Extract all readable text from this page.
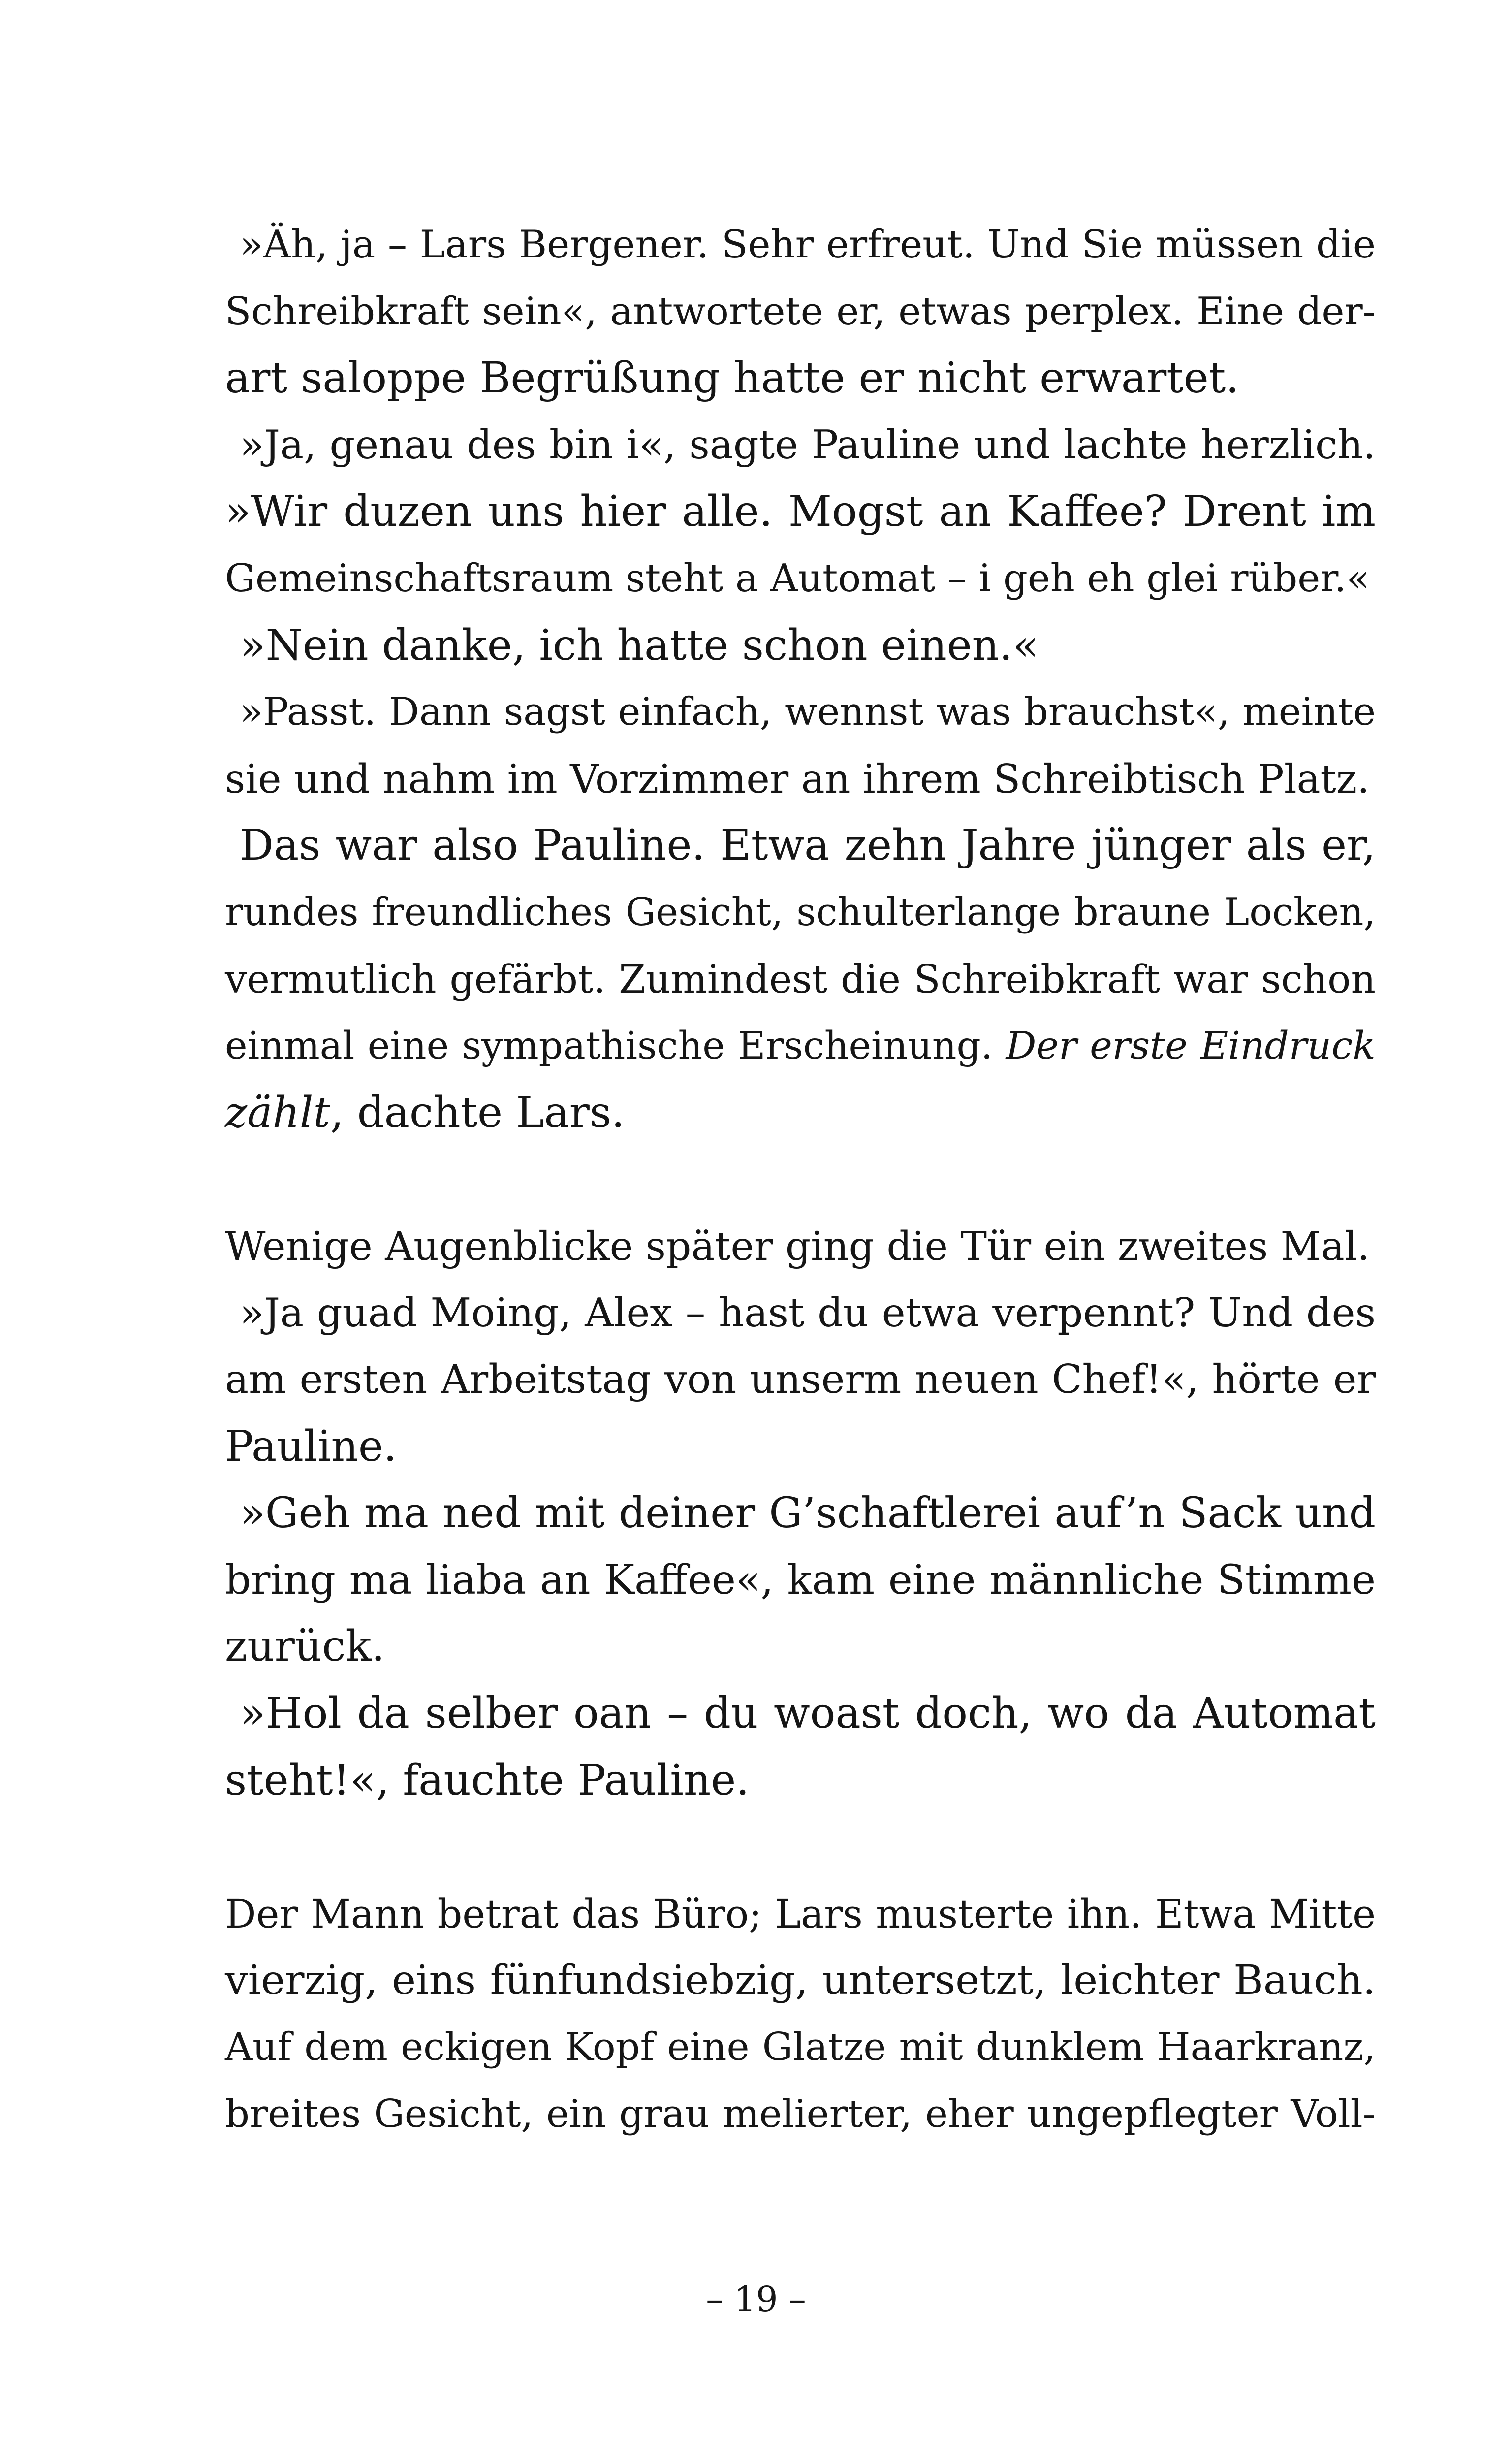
»Äh, ja – Lars Bergener. Sehr erfreut. Und Sie müssen die
Schreibkraft sein«, antwortete er, etwas perplex. Eine der-
art saloppe Begrüßung hatte er nicht erwartet.
»Ja, genau des bin i«, sagte Pauline und lachte herzlich.
»Wir duzen uns hier alle. Mogst an Kaffee? Drent im
Gemeinschaftsraum steht a Automat – i geh eh glei rüber.«
»Nein danke, ich hatte schon einen.«
»Passt. Dann sagst einfach, wennst was brauchst«, meinte
sie und nahm im Vorzimmer an ihrem Schreibtisch Platz.
Das war also Pauline. Etwa zehn Jahre jünger als er,
rundes freundliches Gesicht, schulterlange braune Locken,
vermutlich gefärbt. Zumindest die Schreibkraft war schon
einmal eine sympathische Erscheinung. Der erste Eindruck
zählt, dachte Lars.
Wenige Augenblicke später ging die Tür ein zweites Mal.
»Ja guad Moing, Alex – hast du etwa verpennt? Und des
am ersten Arbeitstag von unserm neuen Chef!«, hörte er
Pauline.
»Geh ma ned mit deiner G’schaftlerei auf’n Sack und
bring ma liaba an Kaffee«, kam eine männliche Stimme
zurück.
»Hol da selber oan – du woast doch, wo da Automat
steht!«, fauchte Pauline.
Der Mann betrat das Büro; Lars musterte ihn. Etwa Mitte
vierzig, eins fünfundsiebzig, untersetzt, leichter Bauch.
Auf dem eckigen Kopf eine Glatze mit dunklem Haarkranz,
breites Gesicht, ein grau melierter, eher ungepflegter Voll-
– 19 –
